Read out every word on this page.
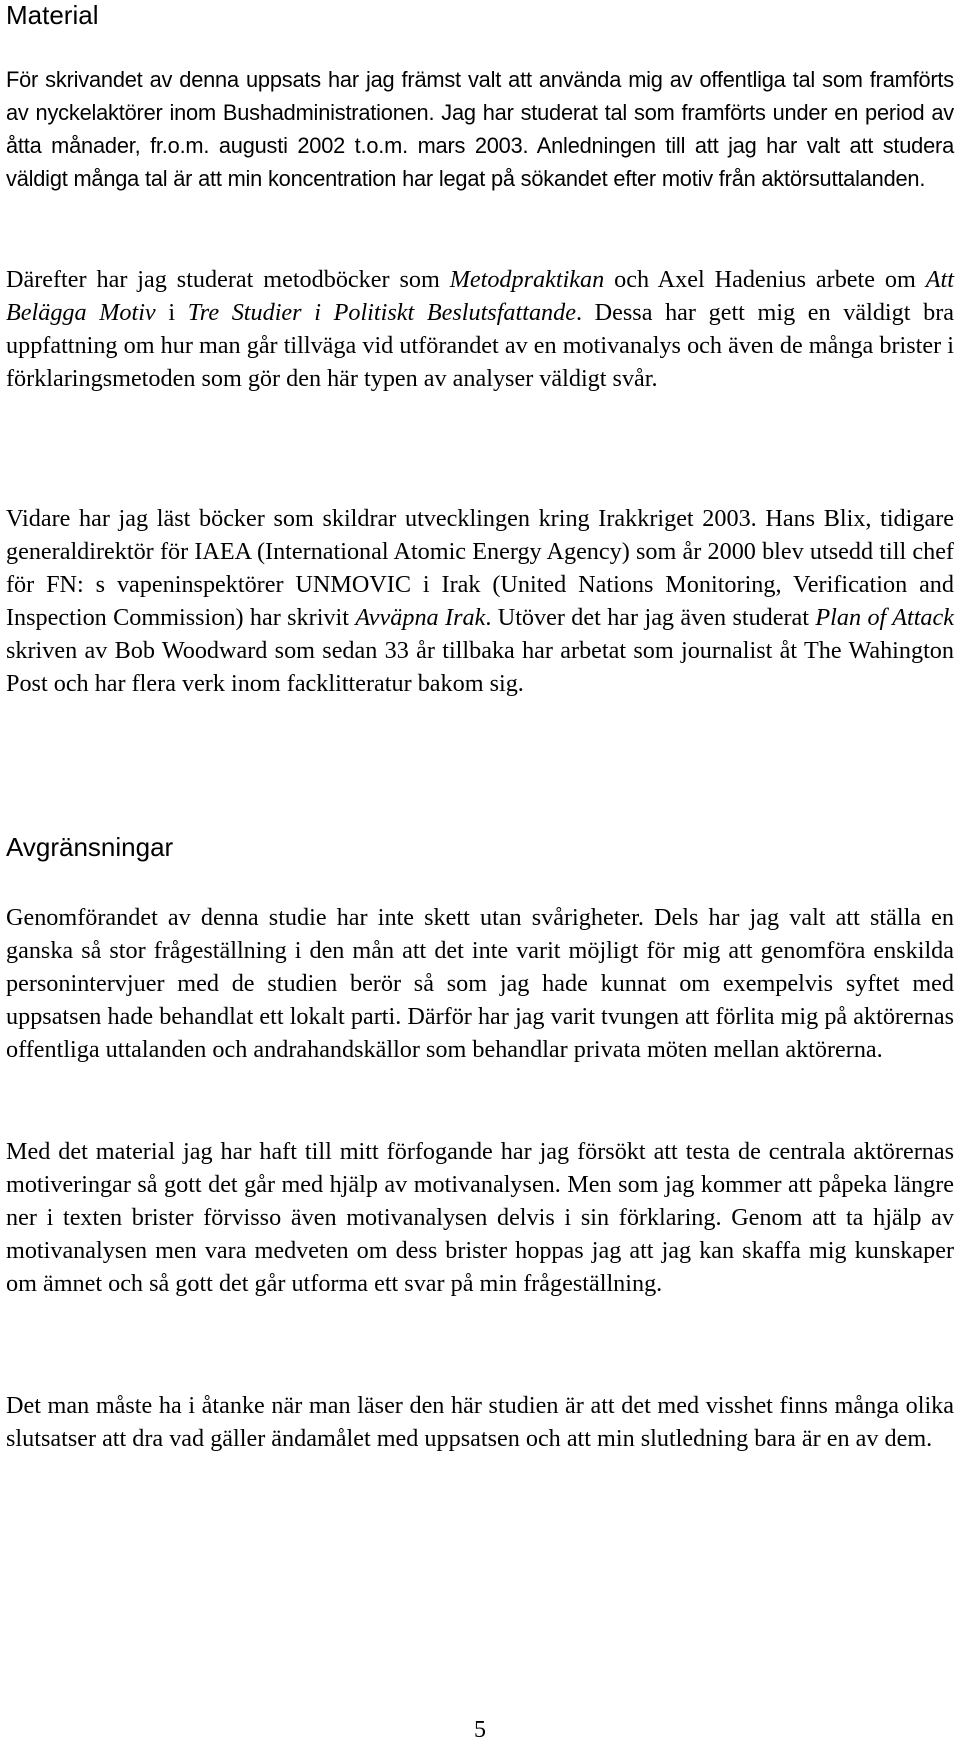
Material

För skrivandet av denna uppsats har jag främst valt att använda mig av offentliga tal som framförts av nyckelaktörer inom Bushadministrationen. Jag har studerat tal som framförts under en period av åtta månader, fr.o.m. augusti 2002 t.o.m. mars 2003. Anledningen till att jag har valt att studera väldigt många tal är att min koncentration har legat på sökandet efter motiv från aktörsuttalanden.

Därefter har jag studerat metodböcker som Metodpraktikan och Axel Hadenius arbete om Att Belägga Motiv i Tre Studier i Politiskt Beslutsfattande. Dessa har gett mig en väldigt bra uppfattning om hur man går tillväga vid utförandet av en motivanalys och även de många brister i förklaringsmetoden som gör den här typen av analyser väldigt svår.

Vidare har jag läst böcker som skildrar utvecklingen kring Irakkriget 2003. Hans Blix, tidigare generaldirektör för IAEA (International Atomic Energy Agency) som år 2000 blev utsedd till chef för FN: s vapeninspektörer UNMOVIC i Irak (United Nations Monitoring, Verification and Inspection Commission) har skrivit Avväpna Irak. Utöver det har jag även studerat Plan of Attack skriven av Bob Woodward som sedan 33 år tillbaka har arbetat som journalist åt The Wahington Post och har flera verk inom facklitteratur bakom sig.

Avgränsningar

Genomförandet av denna studie har inte skett utan svårigheter. Dels har jag valt att ställa en ganska så stor frågeställning i den mån att det inte varit möjligt för mig att genomföra enskilda personintervjuer med de studien berör så som jag hade kunnat om exempelvis syftet med uppsatsen hade behandlat ett lokalt parti. Därför har jag varit tvungen att förlita mig på aktörernas offentliga uttalanden och andrahandskällor som behandlar privata möten mellan aktörerna.

Med det material jag har haft till mitt förfogande har jag försökt att testa de centrala aktörernas motiveringar så gott det går med hjälp av motivanalysen. Men som jag kommer att påpeka längre ner i texten brister förvisso även motivanalysen delvis i sin förklaring. Genom att ta hjälp av motivanalysen men vara medveten om dess brister hoppas jag att jag kan skaffa mig kunskaper om ämnet och så gott det går utforma ett svar på min frågeställning.

Det man måste ha i åtanke när man läser den här studien är att det med visshet finns många olika slutsatser att dra vad gäller ändamålet med uppsatsen och att min slutledning bara är en av dem.

5
